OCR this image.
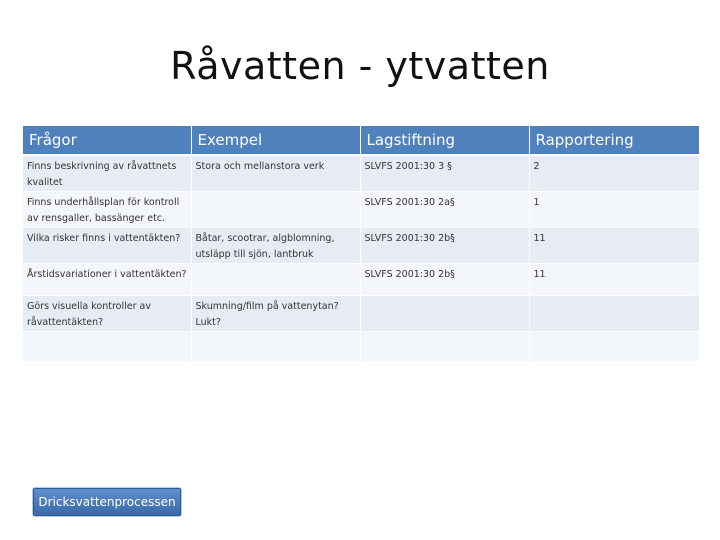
Råvatten - ytvatten
Frågor	Exempel	Lagstiftning	Rapportering
Finns beskrivning av råvattnets kvalitet	Stora och mellanstora verk	SLVFS 2001:30 3 §	2
Finns underhållsplan för kontroll av rensgaller, bassänger etc.		SLVFS 2001:30 2a§	1
Vilka risker finns i vattentäkten?	Båtar, scootrar, algblomning, utsläpp till sjön, lantbruk	SLVFS 2001:30 2b§	11
Årstidsvariationer i vattentäkten?		SLVFS 2001:30 2b§	11
Görs visuella kontroller av råvattentäkten?	Skumning/film på vattenytan? Lukt?		

Dricksvattenprocessen
